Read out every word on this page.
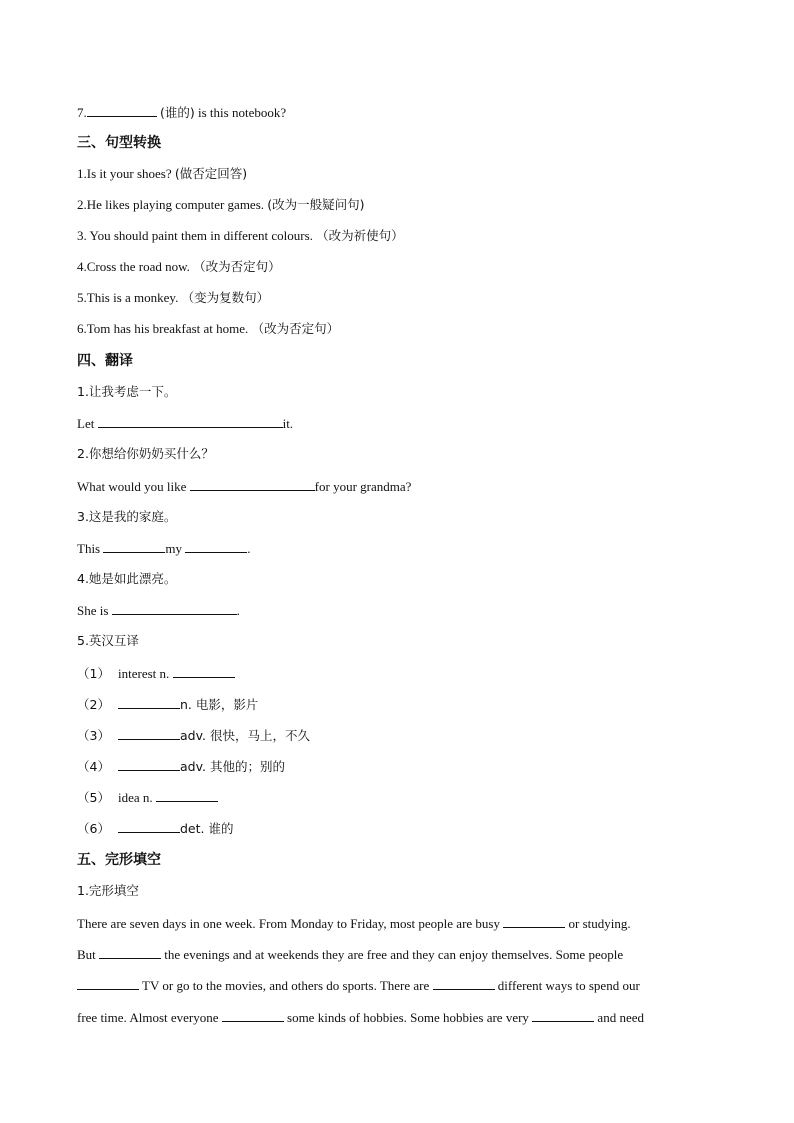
7.	(谁的) is this notebook?
三、句型转换
1.Is it your shoes? (做否定回答)
2.He likes playing computer games. (改为一般疑问句)
3. You should paint them in different colours. （改为祈使句）
4.Cross the road now. （改为否定句）
5.This is a monkey. （变为复数句）
6.Tom has his breakfast at home. （改为否定句）
四、翻译
1.让我考虑一下。
Let	it.
2.你想给你奶奶买什么？
What would you like	for your grandma?
3.这是我的家庭。
This	my	.
4.她是如此漂亮。
She is	.
5.英汉互译
（1） interest n.
（2）	n. 电影，影片
（3）	adv. 很快，马上，不久
（4）	adv. 其他的；别的
（5） idea n.
（6）	det. 谁的
五、完形填空
1.完形填空
There are seven days in one week. From Monday to Friday, most people are busy	or studying.
But	the evenings and at weekends they are free and they can enjoy themselves. Some people
TV or go to the movies, and others do sports. There are	different ways to spend our
free time. Almost everyone	some kinds of hobbies. Some hobbies are very	and need
